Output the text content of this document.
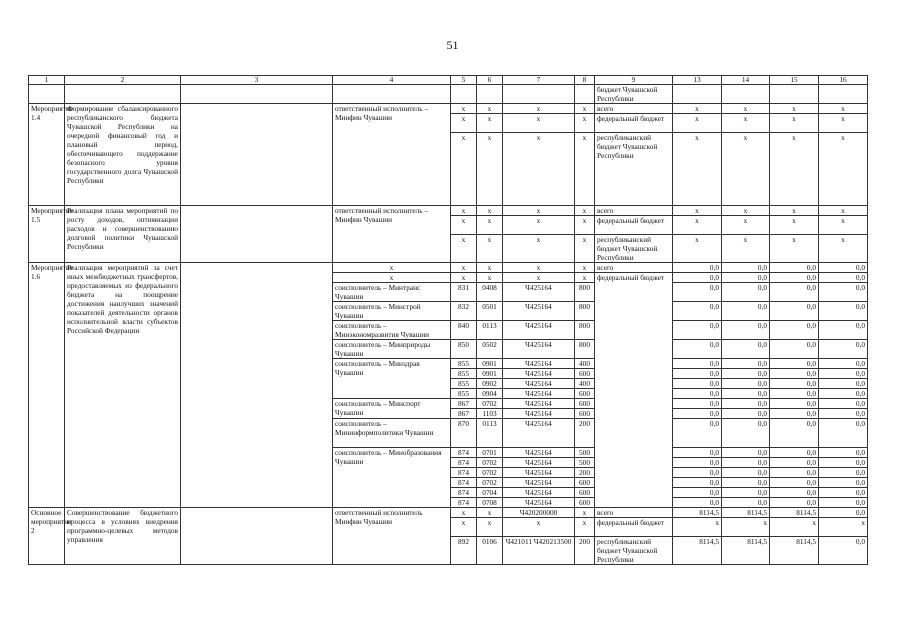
51
1	2	3	4	5	6	7	8	9	13	14	15	16
								бюджет Чувашской Республики				
Мероприятие 1.4	Формирование сбалансированного республиканского бюджета Чувашской Республики на очередной финансовый год и плановый период, обеспечивающего поддержание безопасного уровня государственного долга Чувашской Республики		ответственный исполнитель – Минфин Чувашии	x	x	x	x	всего	x	x	x	x
				x	x	x	x	федеральный бюджет	x	x	x	x
				x	x	x	x	республиканский бюджет Чувашской Республики	x	x	x	x
Мероприятие 1.5	Реализация плана мероприятий по росту доходов, оптимизации расходов и совершенствованию долговой политики Чувашской Республики		ответственный исполнитель – Минфин Чувашии	x	x	x	x	всего	x	x	x	x
				x	x	x	x	федеральный бюджет	x	x	x	x
				x	x	x	x	республиканский бюджет Чувашской Республики	x	x	x	x
Мероприятие 1.6	Реализация мероприятий за счет иных межбюджетных трансфертов, предоставляемых из федерального бюджета на поощрение достижения наилучших значений показателей деятельности органов исполнительной власти субъектов Российской Федерации		x	x	x	x	x	всего	0,0	0,0	0,0	0,0
			x	x	x	x	x	федеральный бюджет	0,0	0,0	0,0	0,0
			соисполнитель – Минтранс Чувашии	831	0408	Ч425164	800		0,0	0,0	0,0	0,0
			соисполнитель – Минстрой Чувашии	832	0501	Ч425164	800		0,0	0,0	0,0	0,0
			соисполнитель – Минэкономразвития Чувашии	840	0113	Ч425164	800		0,0	0,0	0,0	0,0
			соисполнитель – Минприроды Чувашии	850	0502	Ч425164	800		0,0	0,0	0,0	0,0
			соисполнитель – Минздрав Чувашии	855	0901	Ч425164	400		0,0	0,0	0,0	0,0
				855	0901	Ч425164	600		0,0	0,0	0,0	0,0
				855	0902	Ч425164	400		0,0	0,0	0,0	0,0
				855	0904	Ч425164	600		0,0	0,0	0,0	0,0
			соисполнитель – Минспорт Чувашии	867	0702	Ч425164	600		0,0	0,0	0,0	0,0
				867	1103	Ч425164	600		0,0	0,0	0,0	0,0
			соисполнитель – Мининформполитики Чувашии	870	0113	Ч425164	200		0,0	0,0	0,0	0,0
			соисполнитель – Минобразования Чувашии	874	0701	Ч425164	500		0,0	0,0	0,0	0,0
				874	0702	Ч425164	500		0,0	0,0	0,0	0,0
				874	0702	Ч425164	200		0,0	0,0	0,0	0,0
				874	0702	Ч425164	600		0,0	0,0	0,0	0,0
				874	0704	Ч425164	600		0,0	0,0	0,0	0,0
				874	0708	Ч425164	600		0,0	0,0	0,0	0,0
Основное мероприятие 2	Совершенствование бюджетного процесса в условиях внедрения программно-целевых методов управления		ответственный исполнитель Минфин Чувашии	x	x	Ч420200000	x	всего	8114,5	8114,5	8114,5	0,0
				x	x	x	x	федеральный бюджет	x	x	x	x
				892	0106	Ч421011 Ч420213500	200	республиканский бюджет Чувашской Республики	8114,5	8114,5	8114,5	0,0
